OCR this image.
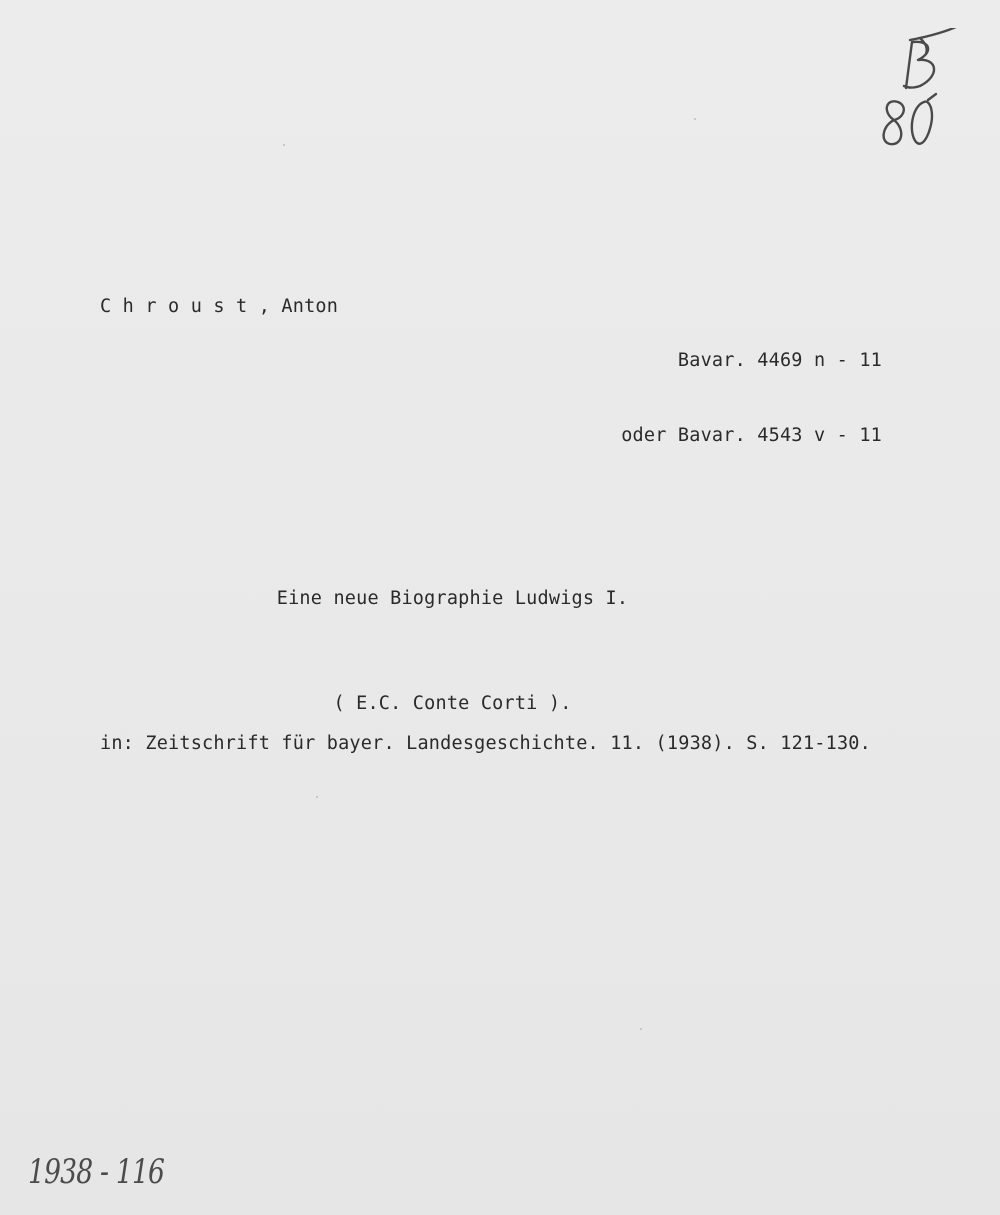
C h r o u s t , Anton

Bavar. 4469 n - 11

oder Bavar. 4543 v - 11

Eine neue Biographie Ludwigs I.

( E.C. Conte Corti ).

in: Zeitschrift für bayer. Landesgeschichte. 11. (1938). S. 121-130.
1938 - 116
